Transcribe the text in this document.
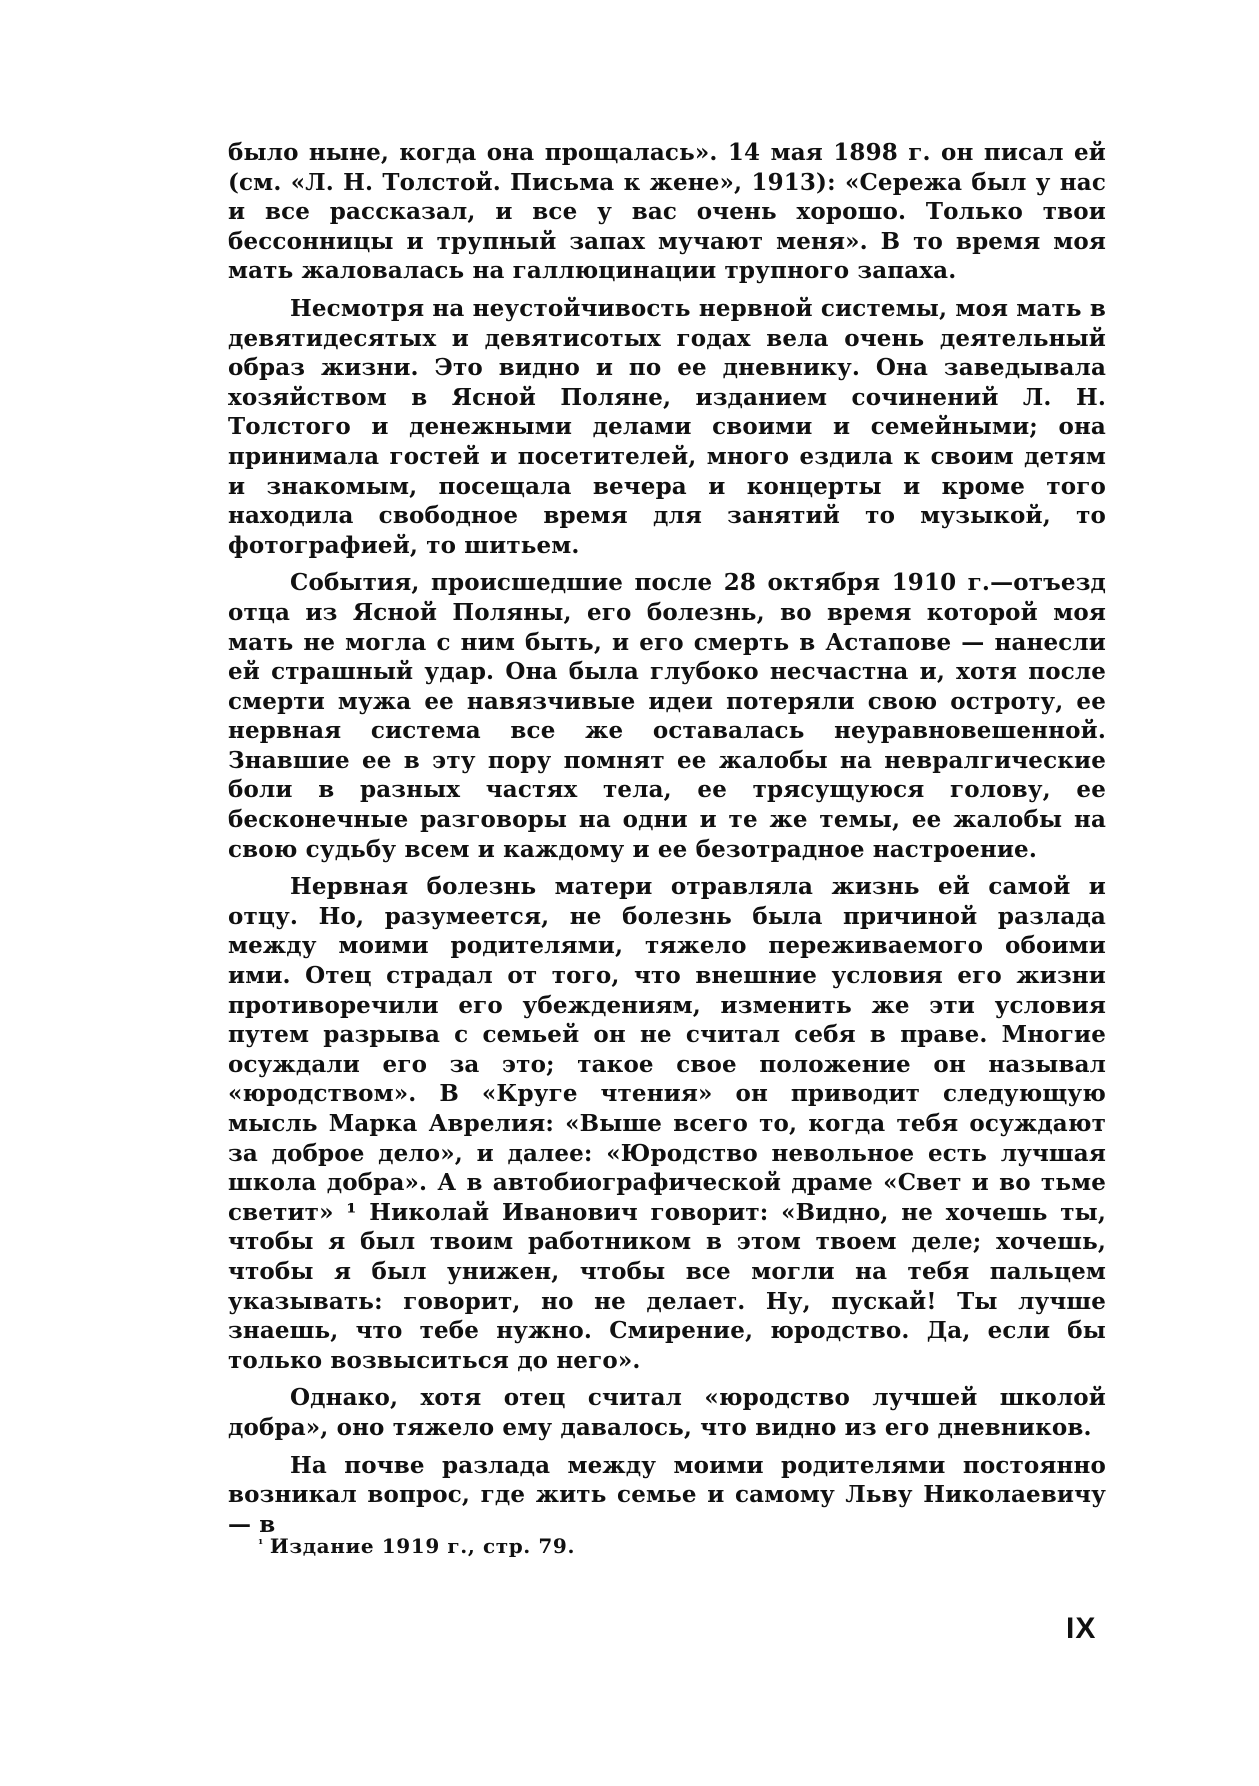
было ныне, когда она прощалась». 14 мая 1898 г. он писал ей (см. «Л. Н. Толстой. Письма к жене», 1913): «Сережа был у нас и все рассказал, и все у вас очень хорошо. Только твои бессонницы и трупный запах мучают меня». В то время моя мать жаловалась на галлюцинации трупного запаха.

Несмотря на неустойчивость нервной системы, моя мать в девятидесятых и девятисотых годах вела очень деятельный образ жизни. Это видно и по ее дневнику. Она заведывала хозяйством в Ясной Поляне, изданием сочинений Л. Н. Толстого и денежными делами своими и семейными; она принимала гостей и посетителей, много ездила к своим детям и знакомым, посещала вечера и концерты и кроме того находила свободное время для занятий то музыкой, то фотографией, то шитьем.

События, происшедшие после 28 октября 1910 г.—отъезд отца из Ясной Поляны, его болезнь, во время которой моя мать не могла с ним быть, и его смерть в Астапове — нанесли ей страшный удар. Она была глубоко несчастна и, хотя после смерти мужа ее навязчивые идеи потеряли свою остроту, ее нервная система все же оставалась неуравновешенной. Знавшие ее в эту пору помнят ее жалобы на невралгические боли в разных частях тела, ее трясущуюся голову, ее бесконечные разговоры на одни и те же темы, ее жалобы на свою судьбу всем и каждому и ее безотрадное настроение.

Нервная болезнь матери отравляла жизнь ей самой и отцу. Но, разумеется, не болезнь была причиной разлада между моими родителями, тяжело переживаемого обоими ими. Отец страдал от того, что внешние условия его жизни противоречили его убеждениям, изменить же эти условия путем разрыва с семьей он не считал себя в праве. Многие осуждали его за это; такое свое положение он называл «юродством». В «Круге чтения» он приводит следующую мысль Марка Аврелия: «Выше всего то, когда тебя осуждают за доброе дело», и далее: «Юродство невольное есть лучшая школа добра». А в автобиографической драме «Свет и во тьме светит» ¹ Николай Иванович говорит: «Видно, не хочешь ты, чтобы я был твоим работником в этом твоем деле; хочешь, чтобы я был унижен, чтобы все могли на тебя пальцем указывать: говорит, но не делает. Ну, пускай! Ты лучше знаешь, что тебе нужно. Смирение, юродство. Да, если бы только возвыситься до него».

Однако, хотя отец считал «юродство лучшей школой добра», оно тяжело ему давалось, что видно из его дневников.

На почве разлада между моими родителями постоянно возникал вопрос, где жить семье и самому Льву Николаевичу — в

$^{^1}$ Издание 1919 г., стр. 79.
IX
